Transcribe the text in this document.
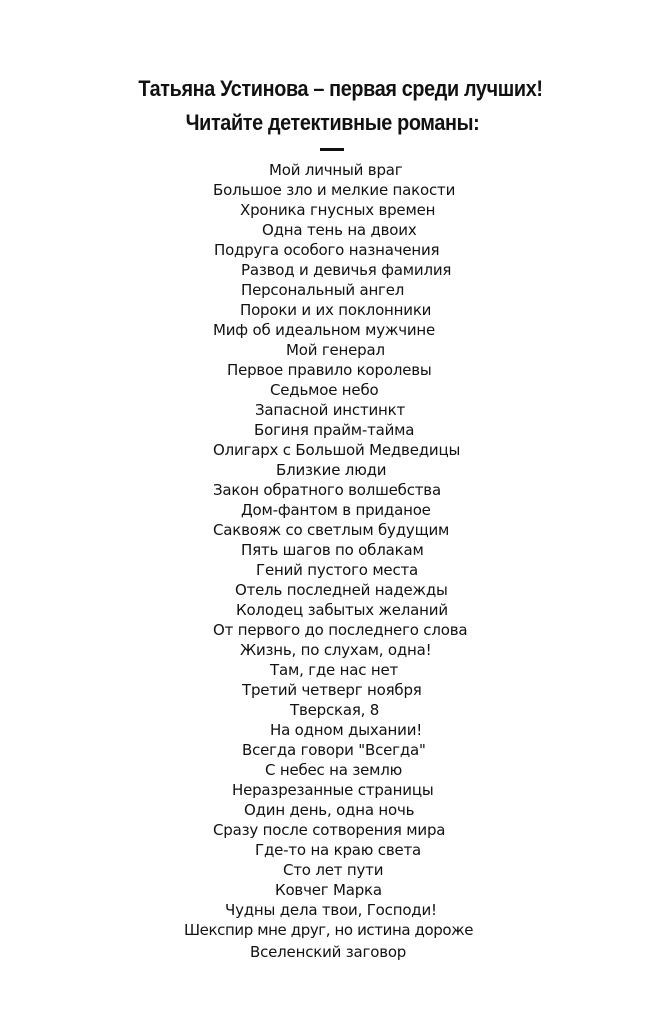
Татьяна Устинова – первая среди лучших!
Читайте детективные романы:
Мой личный враг
Большое зло и мелкие пакости
Хроника гнусных времен
Одна тень на двоих
Подруга особого назначения
Развод и девичья фамилия
Персональный ангел
Пороки и их поклонники
Миф об идеальном мужчине
Мой генерал
Первое правило королевы
Седьмое небо
Запасной инстинкт
Богиня прайм-тайма
Олигарх с Большой Медведицы
Близкие люди
Закон обратного волшебства
Дом-фантом в приданое
Саквояж со светлым будущим
Пять шагов по облакам
Гений пустого места
Отель последней надежды
Колодец забытых желаний
От первого до последнего слова
Жизнь, по слухам, одна!
Там, где нас нет
Третий четверг ноября
Тверская, 8
На одном дыхании!
Всегда говори "Всегда"
С небес на землю
Неразрезанные страницы
Один день, одна ночь
Сразу после сотворения мира
Где-то на краю света
Сто лет пути
Ковчег Марка
Чудны дела твои, Господи!
Шекспир мне друг, но истина дороже
Вселенский заговор
